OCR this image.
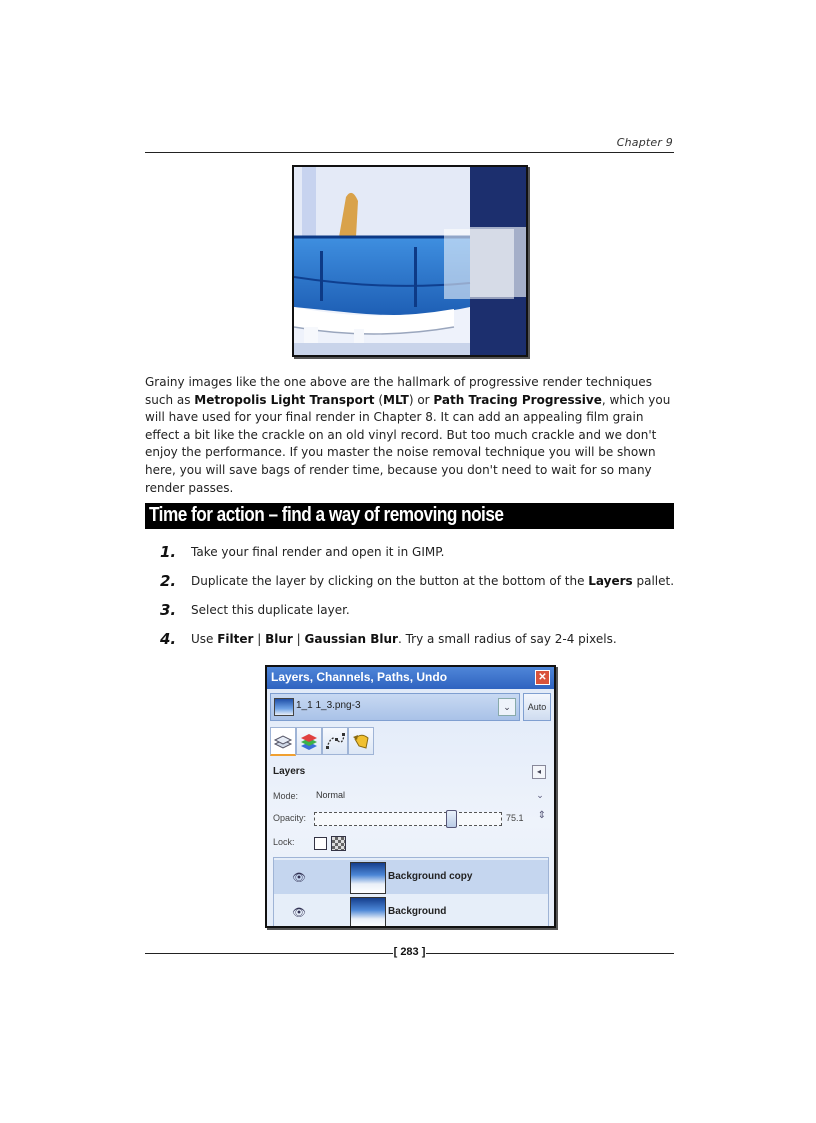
Chapter 9
Grainy images like the one above are the hallmark of progressive render techniques such as Metropolis Light Transport (MLT) or Path Tracing Progressive, which you will have used for your final render in Chapter 8. It can add an appealing film grain effect a bit like the crackle on an old vinyl record. But too much crackle and we don't enjoy the performance. If you master the noise removal technique you will be shown here, you will save bags of render time, because you don't need to wait for so many render passes.
Time for action – find a way of removing noise
1.	Take your final render and open it in GIMP.
2.	Duplicate the layer by clicking on the button at the bottom of the Layers pallet.
3.	Select this duplicate layer.
4.	Use Filter | Blur | Gaussian Blur. Try a small radius of say 2-4 pixels.
Layers, Channels, Paths, Undo	✕
1_1 1_3.png-3	⌄	Auto
Layers	◂
Mode: Normal	⌄
Opacity:	75.1 ⇕
Lock:
👁	Background copy
👁	Background
[ 283 ]
